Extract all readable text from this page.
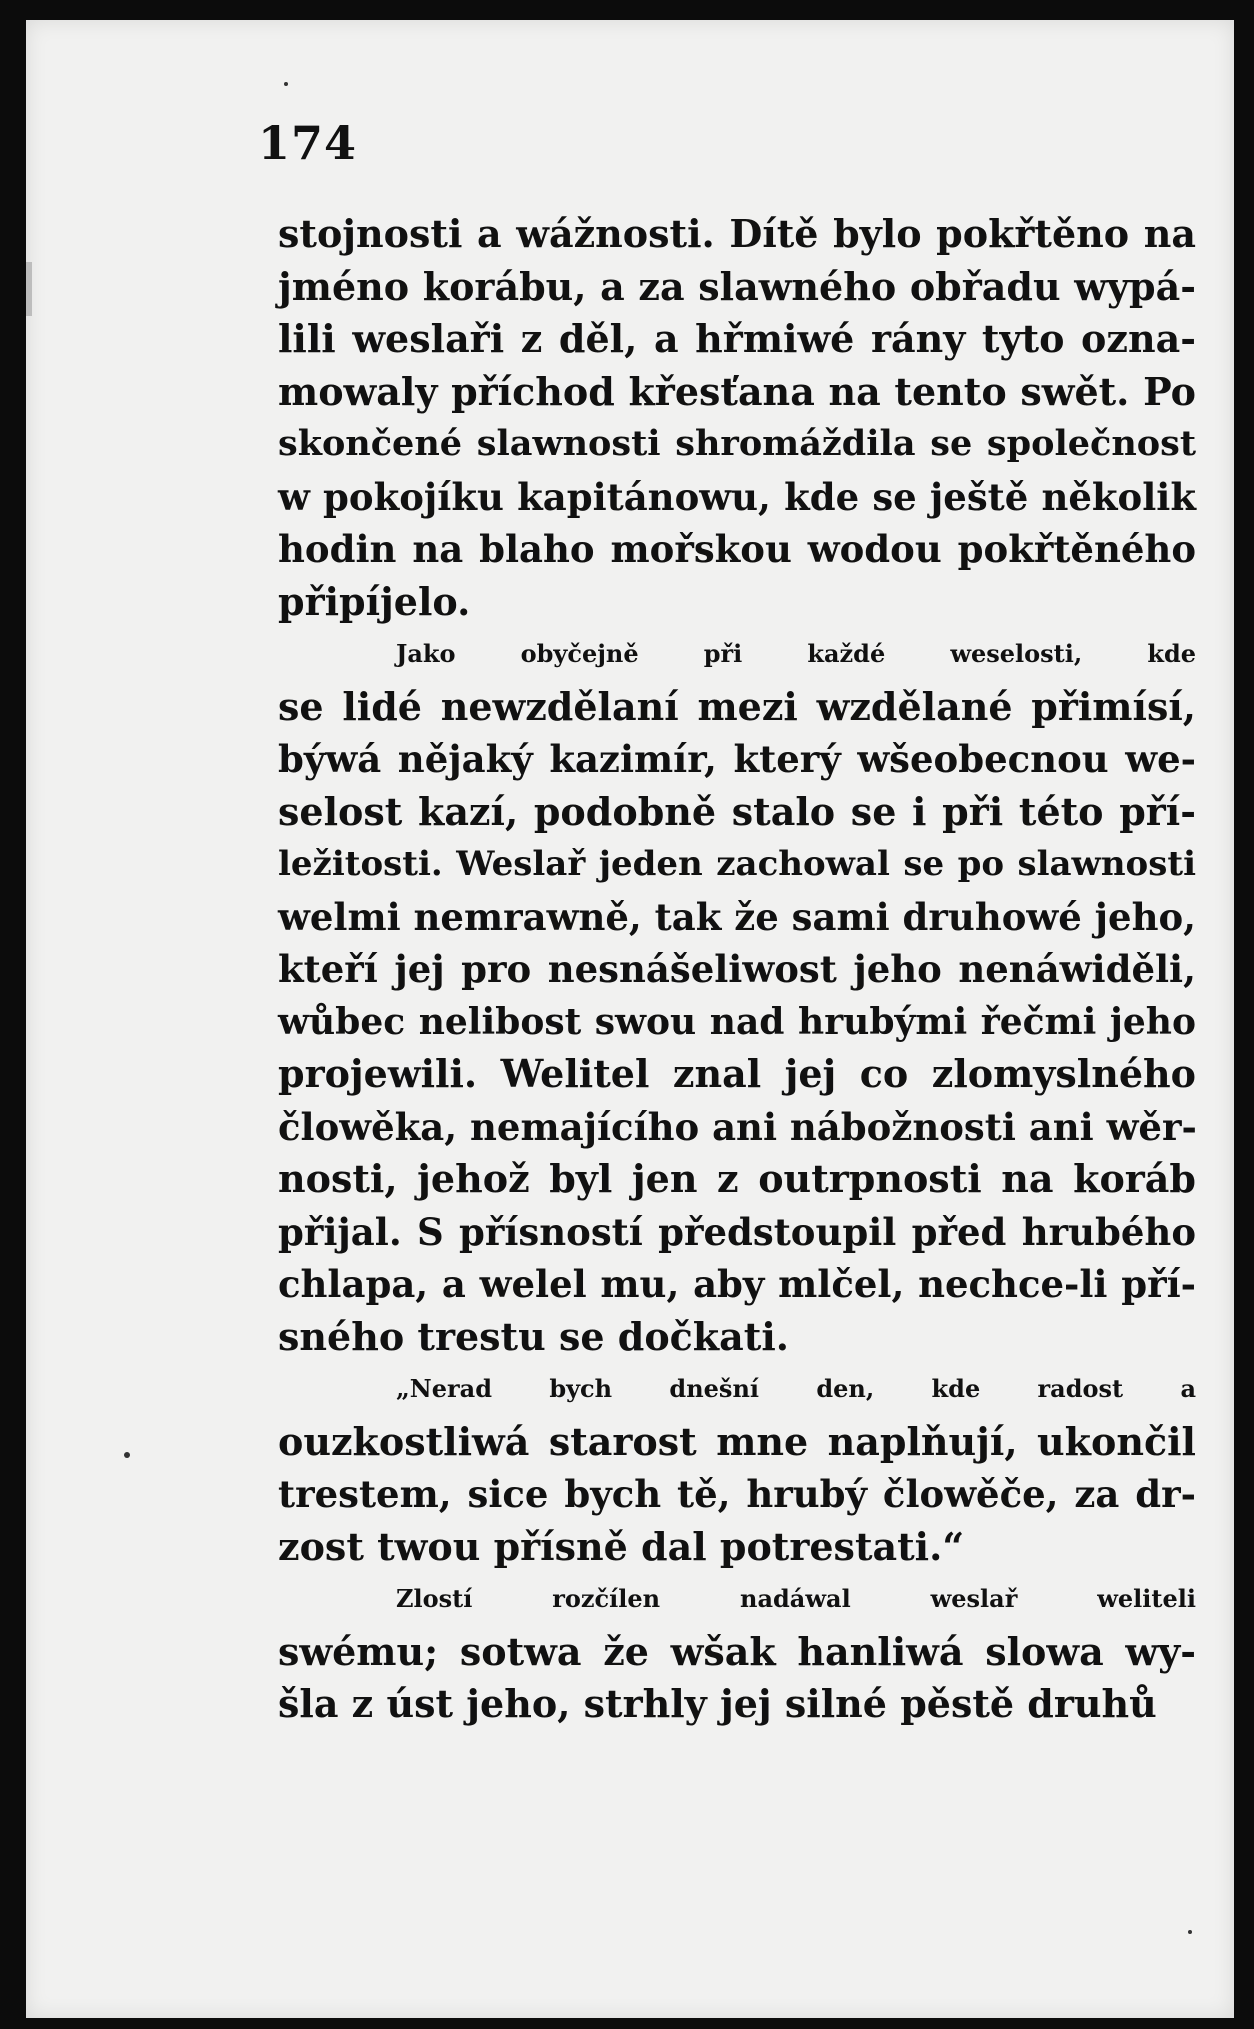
174
stojnosti a wážnosti. Dítě bylo pokřtěno na
jméno korábu, a za slawného obřadu wypá-
lili weslaři z děl, a hřmiwé rány tyto ozna-
mowaly příchod křesťana na tento swět. Po
skončené slawnosti shromáždila se společnost
w pokojíku kapitánowu, kde se ještě několik
hodin na blaho mořskou wodou pokřtěného
připíjelo.
Jako obyčejně při každé weselosti, kde
se lidé newzdělaní mezi wzdělané přimísí,
býwá nějaký kazimír, který wšeobecnou we-
selost kazí, podobně stalo se i při této pří-
ležitosti. Weslař jeden zachowal se po slawnosti
welmi nemrawně, tak že sami druhowé jeho,
kteří jej pro nesnášeliwost jeho nenáwiděli,
wůbec nelibost swou nad hrubými řečmi jeho
projewili. Welitel znal jej co zlomyslného
člowěka, nemajícího ani nábožnosti ani wěr-
nosti, jehož byl jen z outrpnosti na koráb
přijal. S přísností předstoupil před hrubého
chlapa, a welel mu, aby mlčel, nechce-li pří-
sného trestu se dočkati.
„Nerad bych dnešní den, kde radost a
ouzkostliwá starost mne naplňují, ukončil
trestem, sice bych tě, hrubý člowěče, za dr-
zost twou přísně dal potrestati.“
Zlostí rozčílen nadáwal weslař weliteli
swému; sotwa že wšak hanliwá slowa wy-
šla z úst jeho, strhly jej silné pěstě druhů
